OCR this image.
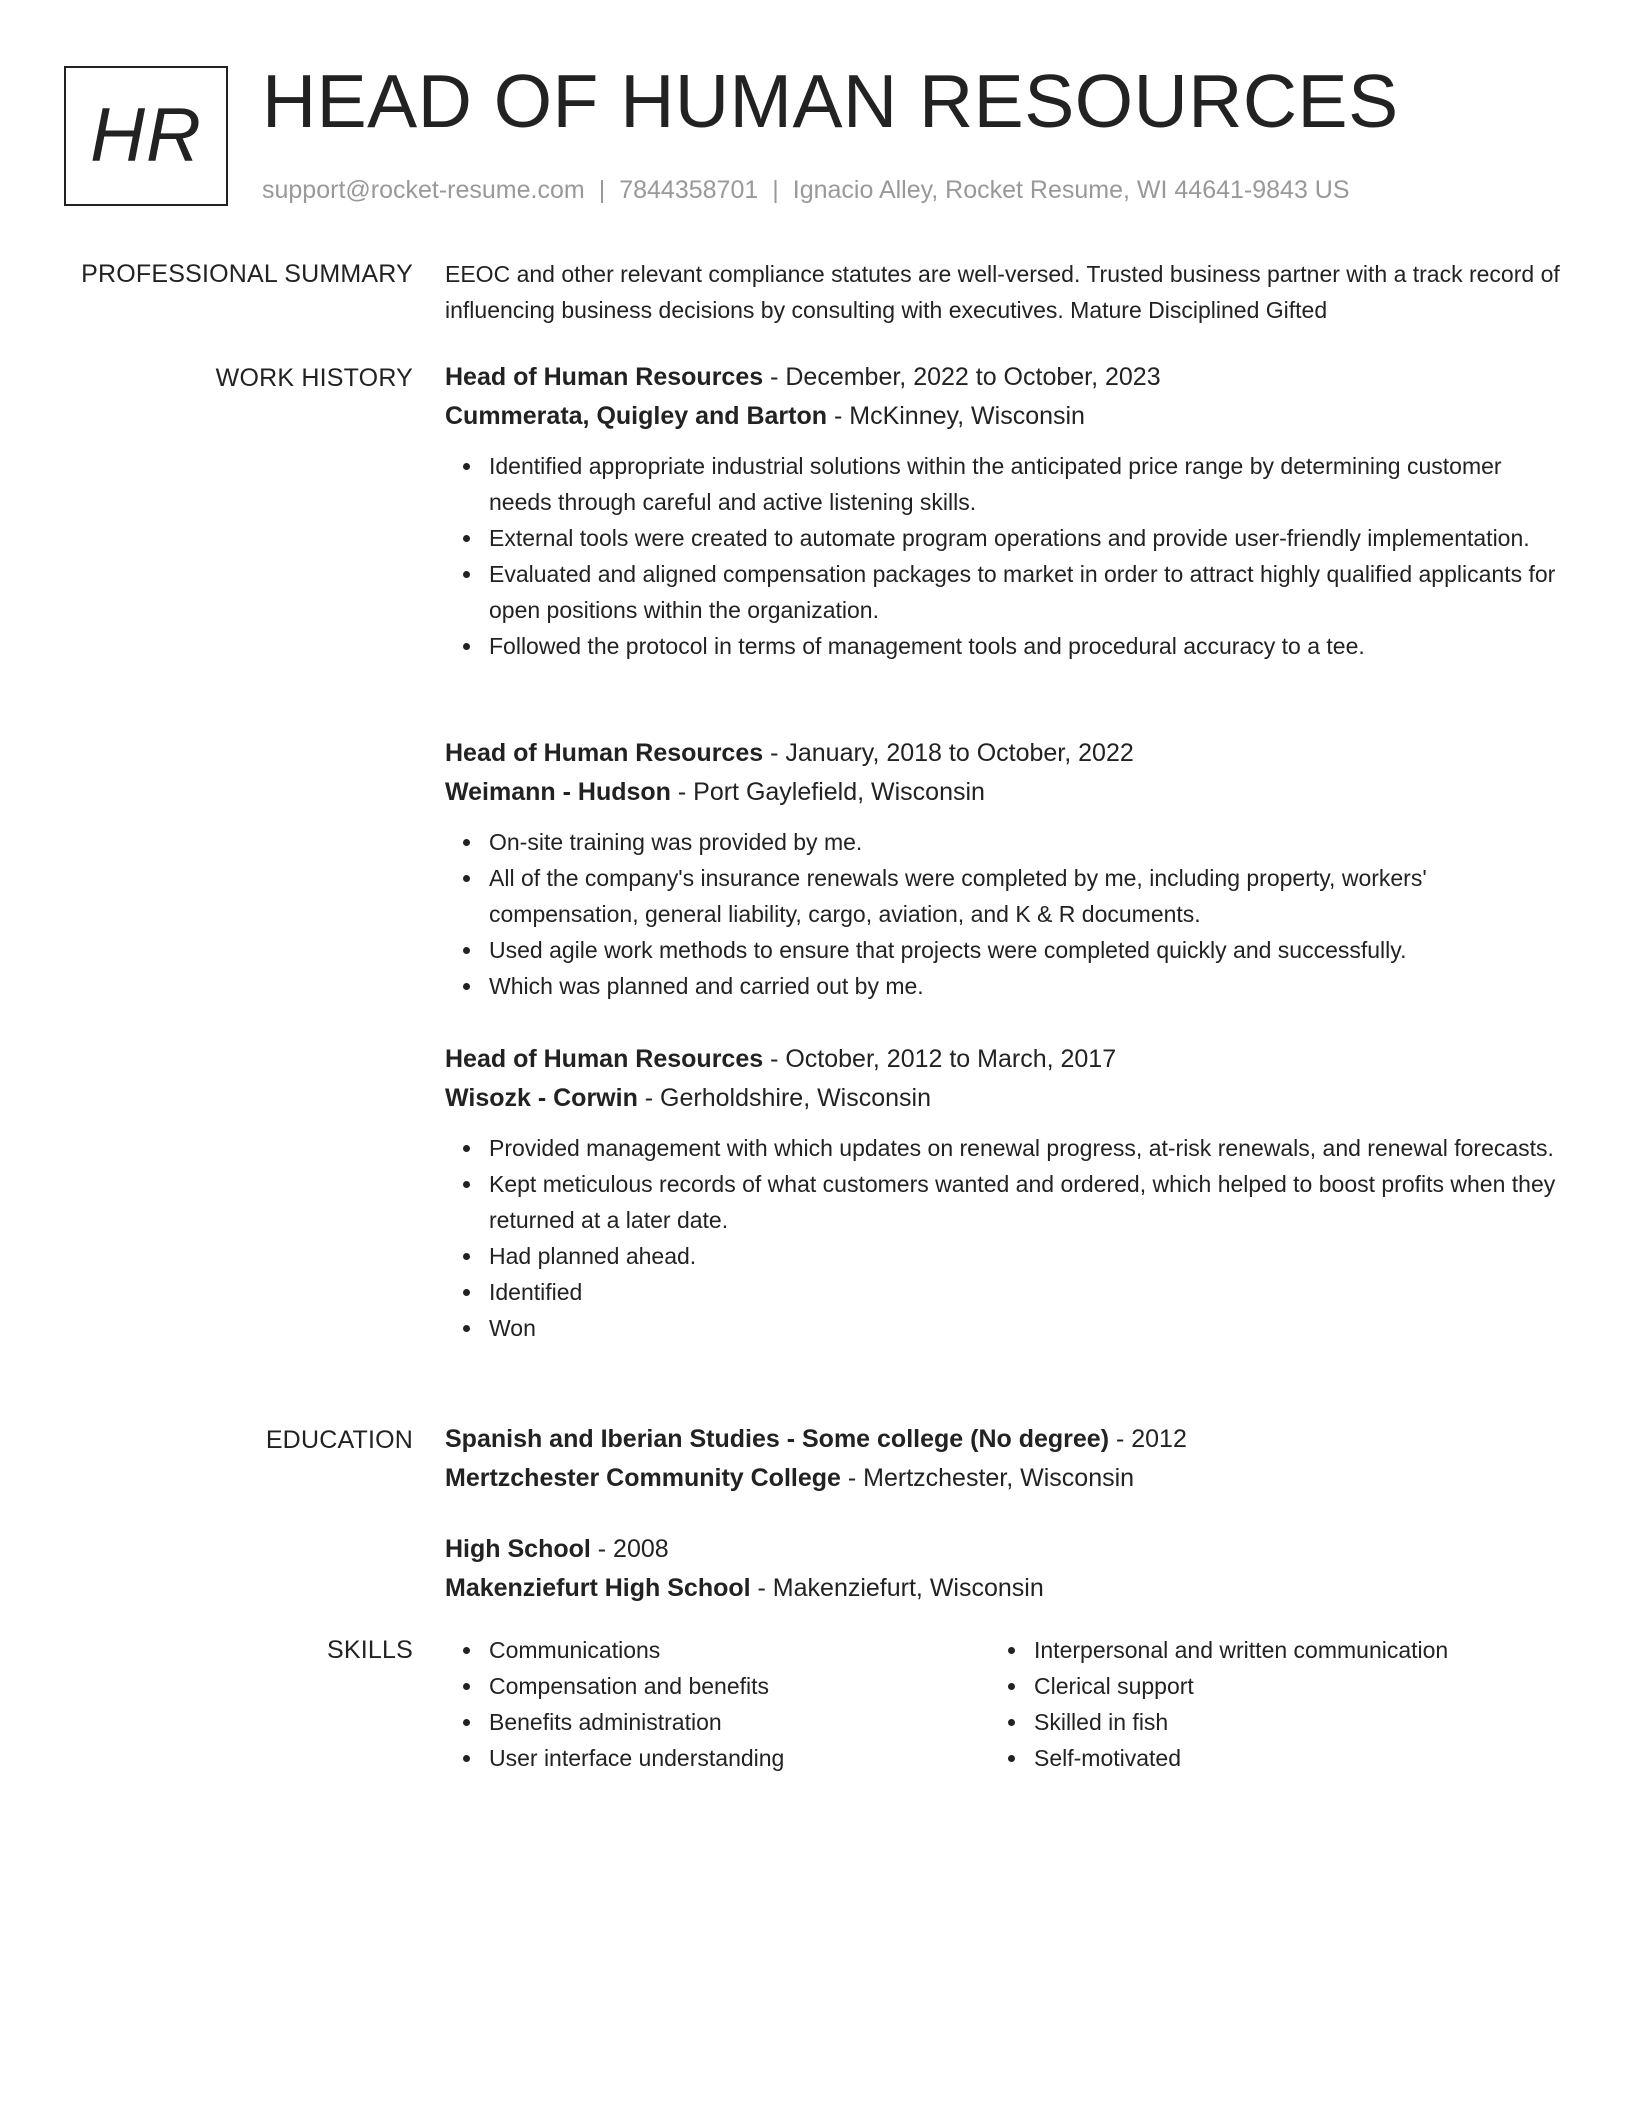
HR HEAD OF HUMAN RESOURCES
support@rocket-resume.com | 7844358701 | Ignacio Alley, Rocket Resume, WI 44641-9843 US
PROFESSIONAL SUMMARY EEOC and other relevant compliance statutes are well-versed. Trusted business partner with a track record of influencing business decisions by consulting with executives. Mature Disciplined Gifted
WORK HISTORY Head of Human Resources - December, 2022 to October, 2023
Cummerata, Quigley and Barton - McKinney, Wisconsin
Identified appropriate industrial solutions within the anticipated price range by determining customer needs through careful and active listening skills.
External tools were created to automate program operations and provide user-friendly implementation.
Evaluated and aligned compensation packages to market in order to attract highly qualified applicants for open positions within the organization.
Followed the protocol in terms of management tools and procedural accuracy to a tee.
Head of Human Resources - January, 2018 to October, 2022
Weimann - Hudson - Port Gaylefield, Wisconsin
On-site training was provided by me.
All of the company's insurance renewals were completed by me, including property, workers' compensation, general liability, cargo, aviation, and K & R documents.
Used agile work methods to ensure that projects were completed quickly and successfully.
Which was planned and carried out by me.
Head of Human Resources - October, 2012 to March, 2017
Wisozk - Corwin - Gerholdshire, Wisconsin
Provided management with which updates on renewal progress, at-risk renewals, and renewal forecasts.
Kept meticulous records of what customers wanted and ordered, which helped to boost profits when they returned at a later date.
Had planned ahead.
Identified
Won
EDUCATION Spanish and Iberian Studies - Some college (No degree) - 2012
Mertzchester Community College - Mertzchester, Wisconsin
High School - 2008
Makenziefurt High School - Makenziefurt, Wisconsin
SKILLS	Communications
Compensation and benefits
Benefits administration
User interface understanding
Interpersonal and written communication
Clerical support
Skilled in fish
Self-motivated
